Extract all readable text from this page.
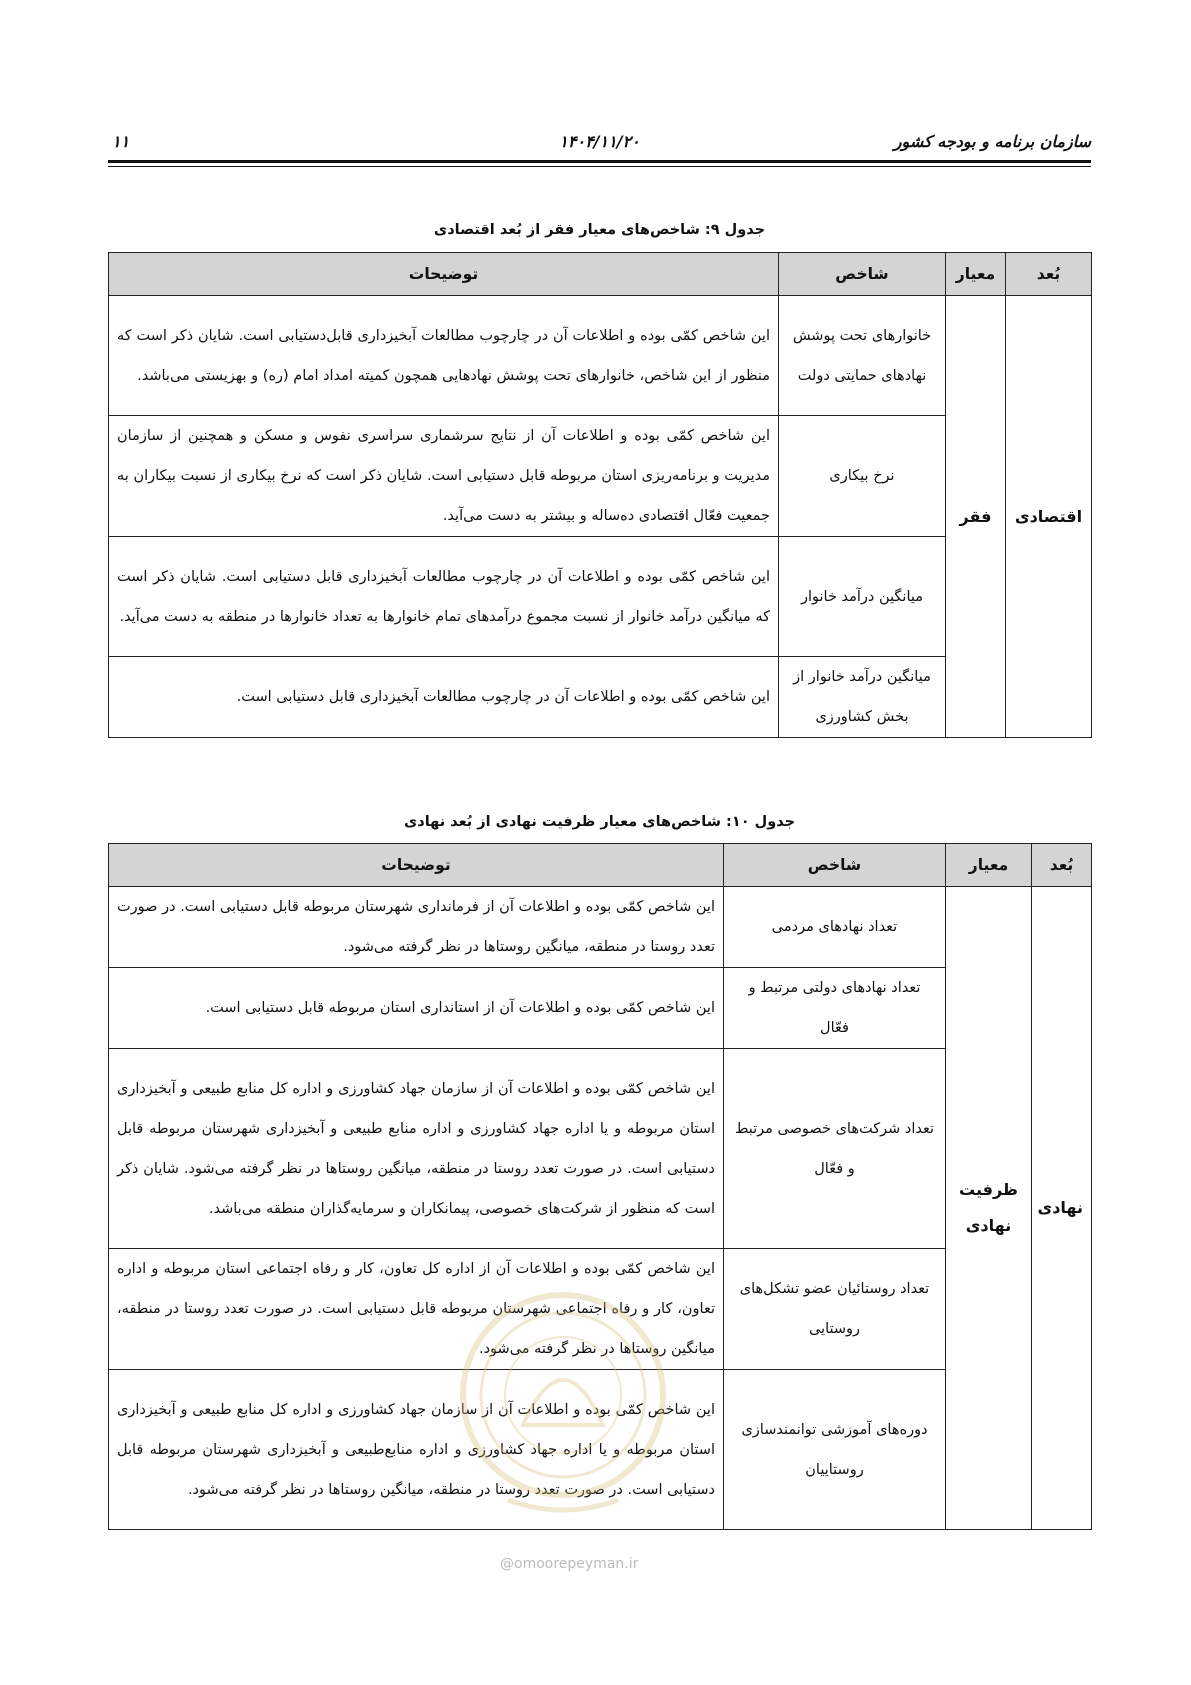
سازمان برنامه و بودجه کشور
۱۴۰۴/۱۱/۲۰
۱۱
جدول ۹: شاخص‌های معیار فقر از بُعد اقتصادی
بُعد	معیار	شاخص	توضیحات
اقتصادی	فقر	خانوارهای تحت پوشش نهادهای حمایتی دولت	این شاخص کمّی بوده و اطلاعات آن در چارچوب مطالعات آبخیزداری قابل‌دستیابی است. شایان ذکر است که منظور از این شاخص، خانوارهای تحت پوشش نهادهایی همچون کمیته امداد امام (ره) و بهزیستی می‌باشد.
		نرخ بیکاری	این شاخص کمّی بوده و اطلاعات آن از نتایج سرشماری سراسری نفوس و مسکن و همچنین از سازمان مدیریت و برنامه‌ریزی استان مربوطه قابل دستیابی است. شایان ذکر است که نرخ بیکاری از نسبت بیکاران به جمعیت فعّال اقتصادی ده‌ساله و بیشتر به دست می‌آید.
		میانگین درآمد خانوار	این شاخص کمّی بوده و اطلاعات آن در چارچوب مطالعات آبخیزداری قابل دستیابی است. شایان ذکر است که میانگین درآمد خانوار از نسبت مجموع درآمدهای تمام خانوارها به تعداد خانوارها در منطقه به دست می‌آید.
		میانگین درآمد خانوار از بخش کشاورزی	این شاخص کمّی بوده و اطلاعات آن در چارچوب مطالعات آبخیزداری قابل دستیابی است.
جدول ۱۰: شاخص‌های معیار ظرفیت نهادی از بُعد نهادی
بُعد	معیار	شاخص	توضیحات
نهادی	ظرفیت نهادی	تعداد نهادهای مردمی	این شاخص کمّی بوده و اطلاعات آن از فرمانداری شهرستان مربوطه قابل دستیابی است. در صورت تعدد روستا در منطقه، میانگین روستاها در نظر گرفته می‌شود.
		تعداد نهادهای دولتی مرتبط و فعّال	این شاخص کمّی بوده و اطلاعات آن از استانداری استان مربوطه قابل دستیابی است.
		تعداد شرکت‌های خصوصی مرتبط و فعّال	این شاخص کمّی بوده و اطلاعات آن از سازمان جهاد کشاورزی و اداره کل منابع طبیعی و آبخیزداری استان مربوطه و یا اداره جهاد کشاورزی و اداره منابع طبیعی و آبخیزداری شهرستان مربوطه قابل دستیابی است. در صورت تعدد روستا در منطقه، میانگین روستاها در نظر گرفته می‌شود. شایان ذکر است که منظور از شرکت‌های خصوصی، پیمانکاران و سرمایه‌گذاران منطقه می‌باشد.
		تعداد روستائیان عضو تشکل‌های روستایی	این شاخص کمّی بوده و اطلاعات آن از اداره کل تعاون، کار و رفاه اجتماعی استان مربوطه و اداره تعاون، کار و رفاه اجتماعی شهرستان مربوطه قابل دستیابی است. در صورت تعدد روستا در منطقه، میانگین روستاها در نظر گرفته می‌شود.
		دوره‌های آموزشی توانمندسازی روستاییان	این شاخص کمّی بوده و اطلاعات آن از سازمان جهاد کشاورزی و اداره کل منابع طبیعی و آبخیزداری استان مربوطه و یا اداره جهاد کشاورزی و اداره منابع‌طبیعی و آبخیزداری شهرستان مربوطه قابل دستیابی است. در صورت تعدد روستا در منطقه، میانگین روستاها در نظر گرفته می‌شود.
@omoorepeyman.ir
